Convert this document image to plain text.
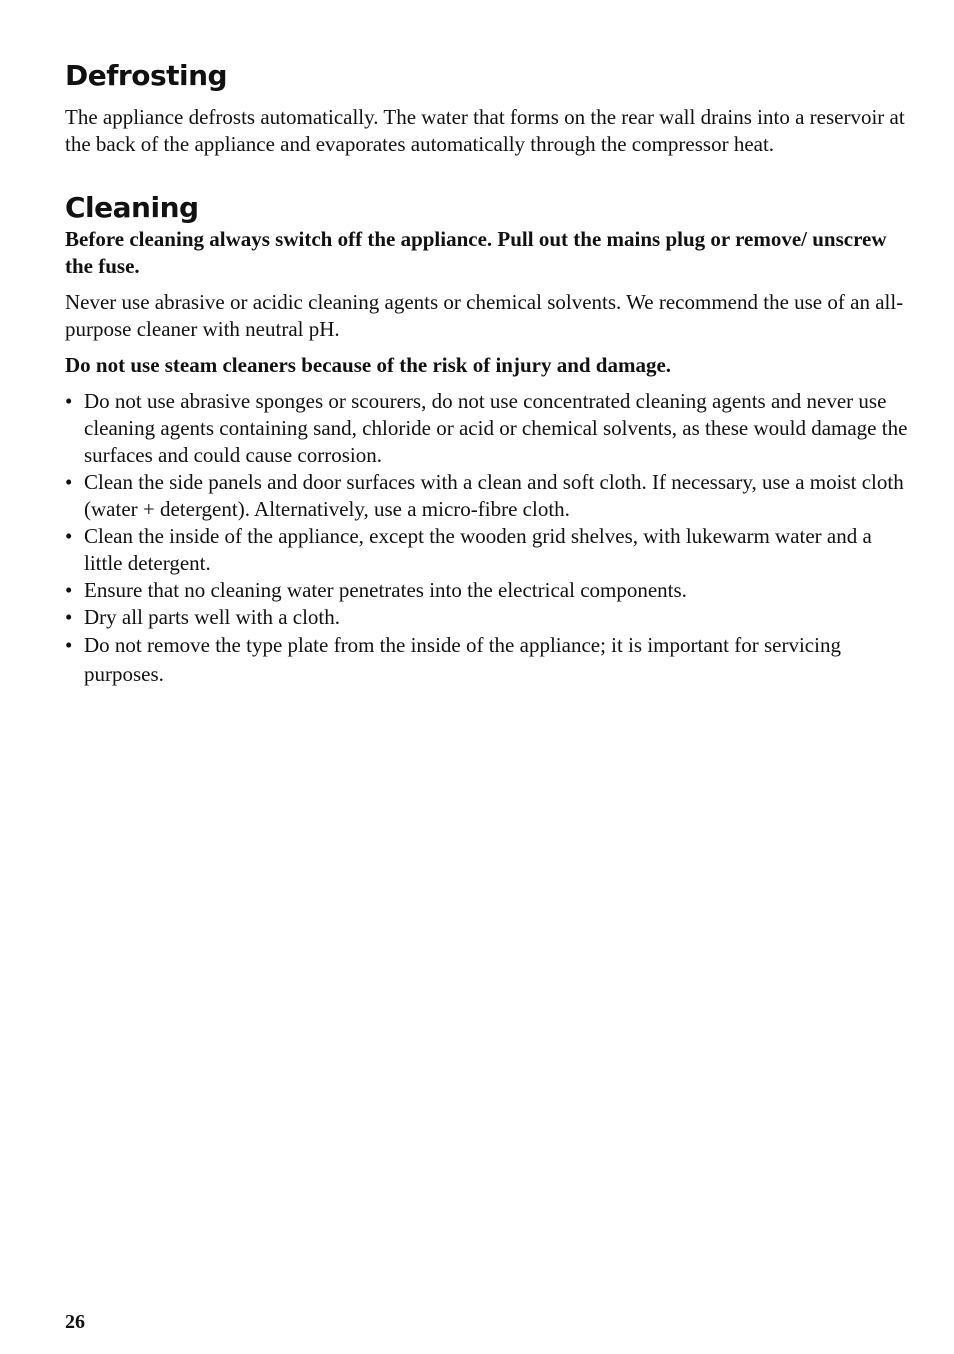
Defrosting

The appliance defrosts automatically. The water that forms on the rear wall drains into a reservoir at the back of the appliance and evaporates automatically through the compressor heat.

Cleaning

Before cleaning always switch off the appliance. Pull out the mains plug or remove/ unscrew the fuse.

Never use abrasive or acidic cleaning agents or chemical solvents. We recommend the use of an all-purpose cleaner with neutral pH.

Do not use steam cleaners because of the risk of injury and damage.

• Do not use abrasive sponges or scourers, do not use concentrated cleaning agents and never use cleaning agents containing sand, chloride or acid or chemical solvents, as these would damage the surfaces and could cause corrosion.
• Clean the side panels and door surfaces with a clean and soft cloth. If necessary, use a moist cloth (water + detergent). Alternatively, use a micro-fibre cloth.
• Clean the inside of the appliance, except the wooden grid shelves, with lukewarm water and a little detergent.
• Ensure that no cleaning water penetrates into the electrical components.
• Dry all parts well with a cloth.
• Do not remove the type plate from the inside of the appliance; it is important for servicing purposes.

26
